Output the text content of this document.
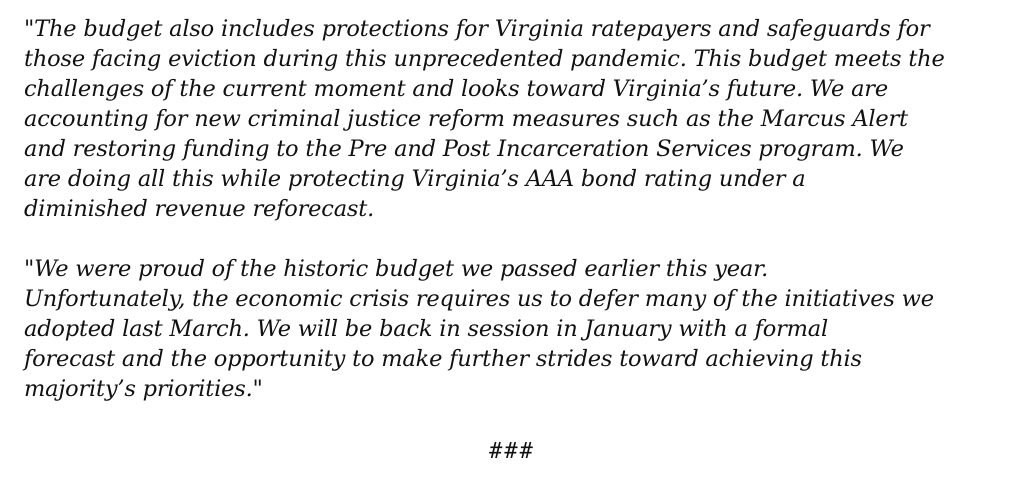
"The budget also includes protections for Virginia ratepayers and safeguards for
those facing eviction during this unprecedented pandemic. This budget meets the
challenges of the current moment and looks toward Virginia’s future. We are
accounting for new criminal justice reform measures such as the Marcus Alert
and restoring funding to the Pre and Post Incarceration Services program. We
are doing all this while protecting Virginia’s AAA bond rating under a
diminished revenue reforecast.

"We were proud of the historic budget we passed earlier this year.
Unfortunately, the economic crisis requires us to defer many of the initiatives we
adopted last March. We will be back in session in January with a formal
forecast and the opportunity to make further strides toward achieving this
majority’s priorities."

###
